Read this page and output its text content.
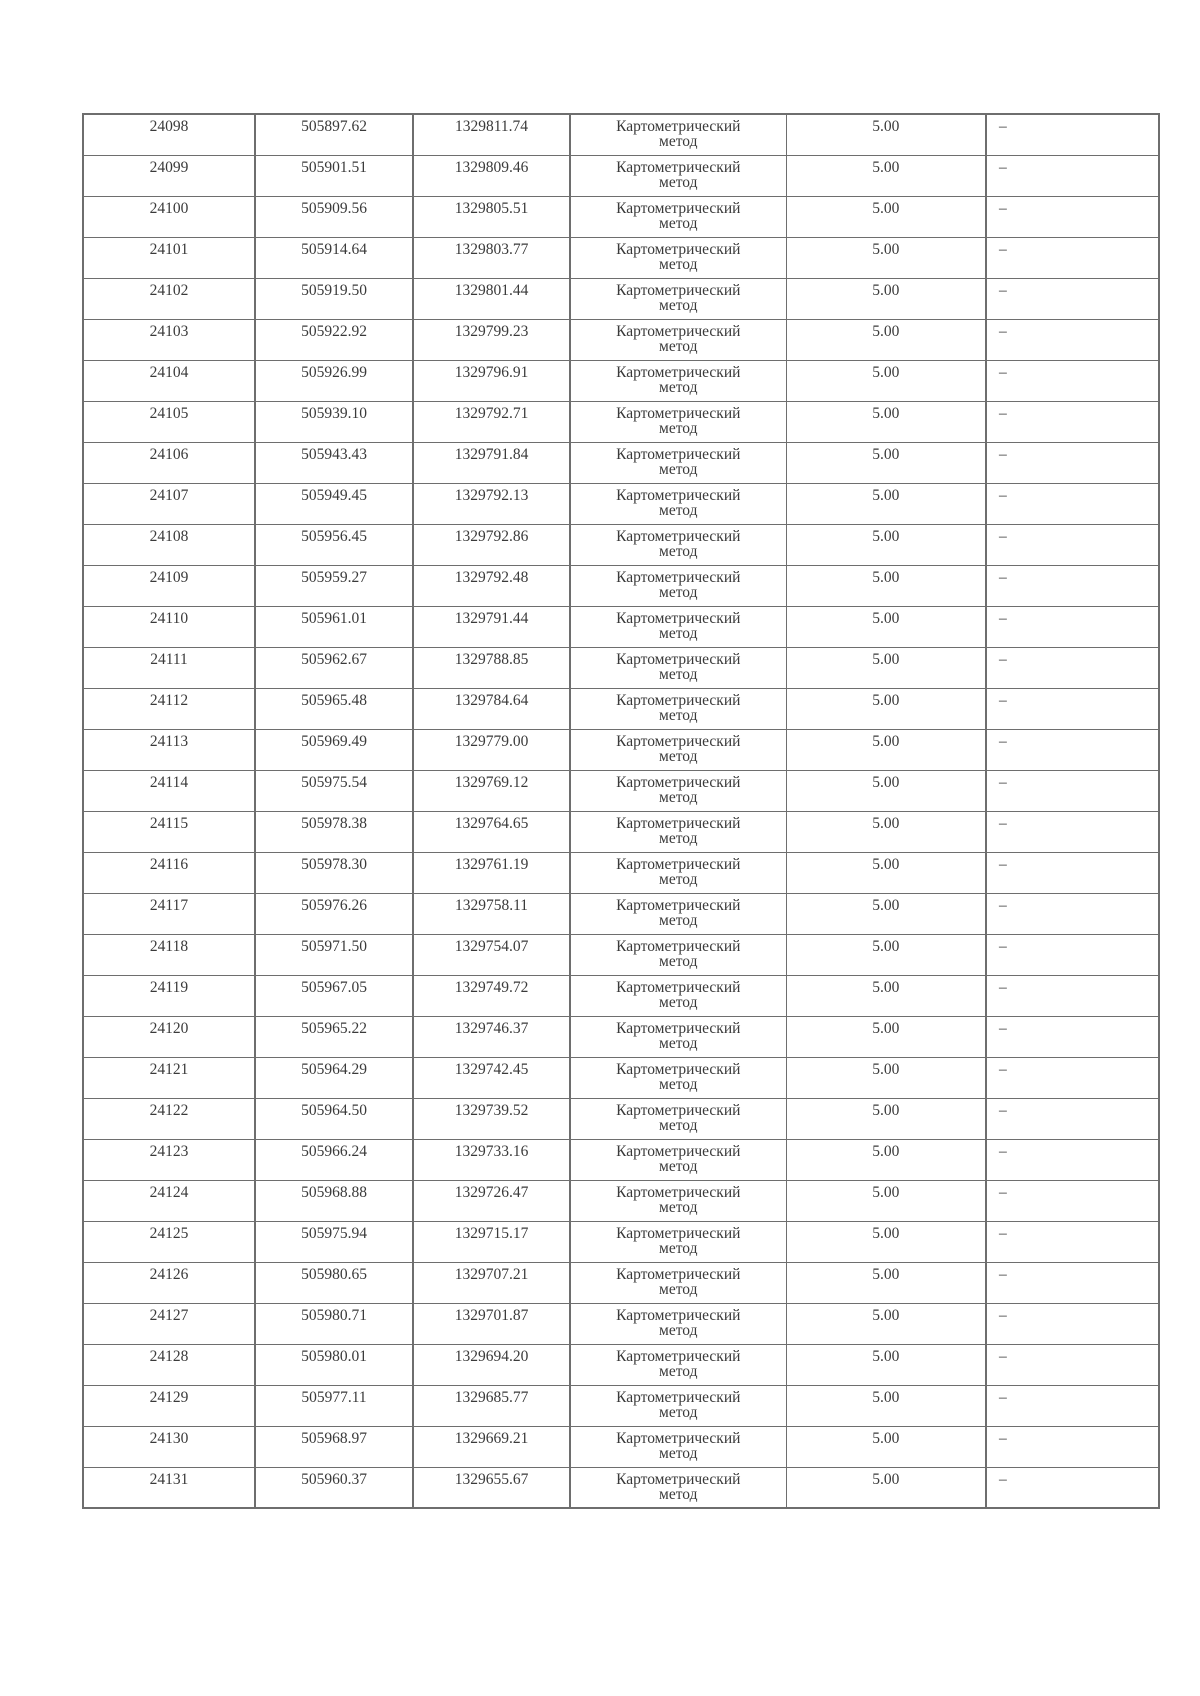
24098	505897.62	1329811.74	Картометрический метод	5.00	–
24099	505901.51	1329809.46	Картометрический метод	5.00	–
24100	505909.56	1329805.51	Картометрический метод	5.00	–
24101	505914.64	1329803.77	Картометрический метод	5.00	–
24102	505919.50	1329801.44	Картометрический метод	5.00	–
24103	505922.92	1329799.23	Картометрический метод	5.00	–
24104	505926.99	1329796.91	Картометрический метод	5.00	–
24105	505939.10	1329792.71	Картометрический метод	5.00	–
24106	505943.43	1329791.84	Картометрический метод	5.00	–
24107	505949.45	1329792.13	Картометрический метод	5.00	–
24108	505956.45	1329792.86	Картометрический метод	5.00	–
24109	505959.27	1329792.48	Картометрический метод	5.00	–
24110	505961.01	1329791.44	Картометрический метод	5.00	–
24111	505962.67	1329788.85	Картометрический метод	5.00	–
24112	505965.48	1329784.64	Картометрический метод	5.00	–
24113	505969.49	1329779.00	Картометрический метод	5.00	–
24114	505975.54	1329769.12	Картометрический метод	5.00	–
24115	505978.38	1329764.65	Картометрический метод	5.00	–
24116	505978.30	1329761.19	Картометрический метод	5.00	–
24117	505976.26	1329758.11	Картометрический метод	5.00	–
24118	505971.50	1329754.07	Картометрический метод	5.00	–
24119	505967.05	1329749.72	Картометрический метод	5.00	–
24120	505965.22	1329746.37	Картометрический метод	5.00	–
24121	505964.29	1329742.45	Картометрический метод	5.00	–
24122	505964.50	1329739.52	Картометрический метод	5.00	–
24123	505966.24	1329733.16	Картометрический метод	5.00	–
24124	505968.88	1329726.47	Картометрический метод	5.00	–
24125	505975.94	1329715.17	Картометрический метод	5.00	–
24126	505980.65	1329707.21	Картометрический метод	5.00	–
24127	505980.71	1329701.87	Картометрический метод	5.00	–
24128	505980.01	1329694.20	Картометрический метод	5.00	–
24129	505977.11	1329685.77	Картометрический метод	5.00	–
24130	505968.97	1329669.21	Картометрический метод	5.00	–
24131	505960.37	1329655.67	Картометрический метод	5.00	–
